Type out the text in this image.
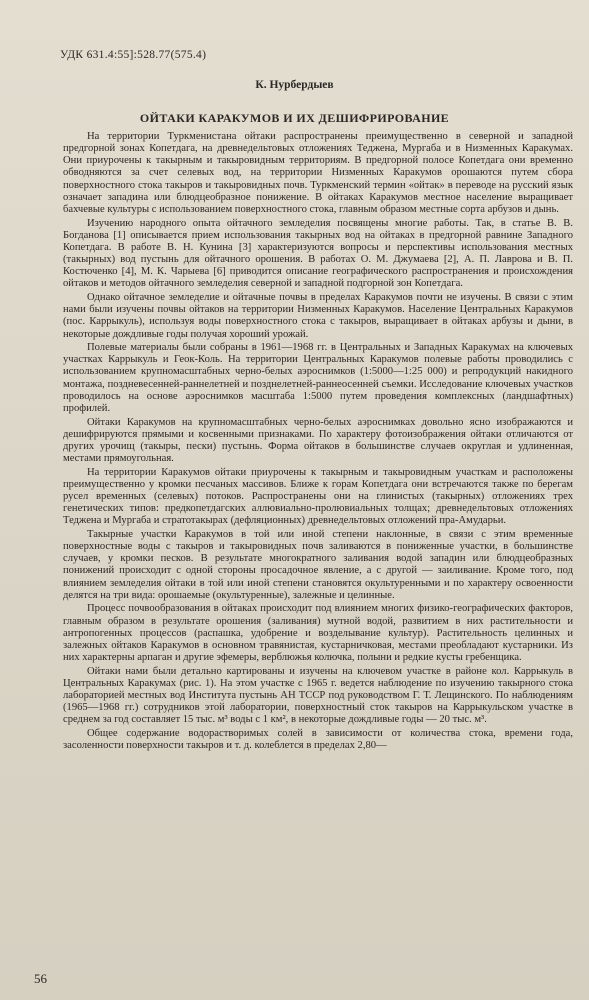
УДК 631.4:55]:528.77(575.4)
К. Нурбердыев
ОЙТАКИ КАРАКУМОВ И ИХ ДЕШИФРИРОВАНИЕ

На территории Туркменистана ойтаки распространены преимущественно в северной и западной предгорной зонах Копетдага, на древнедельтовых отложениях Теджена, Мургаба и в Низменных Каракумах. Они приурочены к такырным и такыровидным территориям. В предгорной полосе Копетдага они временно обводняются за счет селевых вод, на территории Низменных Каракумов орошаются путем сбора поверхностного стока такыров и такыровидных почв. Туркменский термин «ойтак» в переводе на русский язык означает западина или блюдцеобразное понижение. В ойтаках Каракумов местное население выращивает бахчевые культуры с использованием поверхностного стока, главным образом местные сорта арбузов и дынь.

Изучению народного опыта ойтачного земледелия посвящены многие работы. Так, в статье В. В. Богданова [1] описывается прием использования такырных вод на ойтаках в предгорной равнине Западного Копетдага. В работе В. Н. Кунина [3] характеризуются вопросы и перспективы использования местных (такырных) вод пустынь для ойтачного орошения. В работах О. М. Джумаева [2], А. П. Лаврова и В. П. Костюченко [4], М. К. Чарыева [6] приводится описание географического распространения и происхождения ойтаков и методов ойтачного земледелия северной и западной подгорной зон Копетдага.

Однако ойтачное земледелие и ойтачные почвы в пределах Каракумов почти не изучены. В связи с этим нами были изучены почвы ойтаков на территории Низменных Каракумов. Население Центральных Каракумов (пос. Каррыкуль), используя воды поверхностного стока с такыров, выращивает в ойтаках арбузы и дыни, в некоторые дождливые годы получая хороший урожай.

Полевые материалы были собраны в 1961—1968 гг. в Центральных и Западных Каракумах на ключевых участках Каррыкуль и Геок-Коль. На территории Центральных Каракумов полевые работы проводились с использованием крупномасштабных черно-белых аэроснимков (1:5000—1:25 000) и репродукций накидного монтажа, поздневесенней-раннелетней и позднелетней-раннеосенней съемки. Исследование ключевых участков проводилось на основе аэроснимков масштаба 1:5000 путем проведения комплексных (ландшафтных) профилей.

Ойтаки Каракумов на крупномасштабных черно-белых аэроснимках довольно ясно изображаются и дешифрируются прямыми и косвенными признаками. По характеру фотоизображения ойтаки отличаются от других урочищ (такыры, пески) пустынь. Форма ойтаков в большинстве случаев округлая и удлиненная, местами прямоугольная.

На территории Каракумов ойтаки приурочены к такырным и такыровидным участкам и расположены преимущественно у кромки песчаных массивов. Ближе к горам Копетдага они встречаются также по берегам русел временных (селевых) потоков. Распространены они на глинистых (такырных) отложениях трех генетических типов: предкопетдагских аллювиально-пролювиальных толщах; древнедельтовых отложениях Теджена и Мургаба и стратотакырах (дефляционных) древнедельтовых отложений пра-Амударьи.

Такырные участки Каракумов в той или иной степени наклонные, в связи с этим временные поверхностные воды с такыров и такыровидных почв заливаются в пониженные участки, в большинстве случаев, у кромки песков. В результате многократного заливания водой западин или блюдцеобразных понижений происходит с одной стороны просадочное явление, а с другой — заиливание. Кроме того, под влиянием земледелия ойтаки в той или иной степени становятся окультуренными и по характеру освоенности делятся на три вида: орошаемые (окультуренные), залежные и целинные.

Процесс почвообразования в ойтаках происходит под влиянием многих физико-географических факторов, главным образом в результате орошения (заливания) мутной водой, развитием в них растительности и антропогенных процессов (распашка, удобрение и возделывание культур). Растительность целинных и залежных ойтаков Каракумов в основном травянистая, кустарничковая, местами преобладают кустарники. Из них характерны арпаган и другие эфемеры, верблюжья колючка, полыни и редкие кусты гребенщика.

Ойтаки нами были детально картированы и изучены на ключевом участке в районе кол. Каррыкуль в Центральных Каракумах (рис. 1). На этом участке с 1965 г. ведется наблюдение по изучению такырного стока лабораторией местных вод Института пустынь АН ТССР под руководством Г. Т. Лещинского. По наблюдениям (1965—1968 гг.) сотрудников этой лаборатории, поверхностный сток такыров на Каррыкульском участке в среднем за год составляет 15 тыс. м³ воды с 1 км², в некоторые дождливые годы — 20 тыс. м³.

Общее содержание водорастворимых солей в зависимости от количества стока, времени года, засоленности поверхности такыров и т. д. колеблется в пределах 2,80—

56
